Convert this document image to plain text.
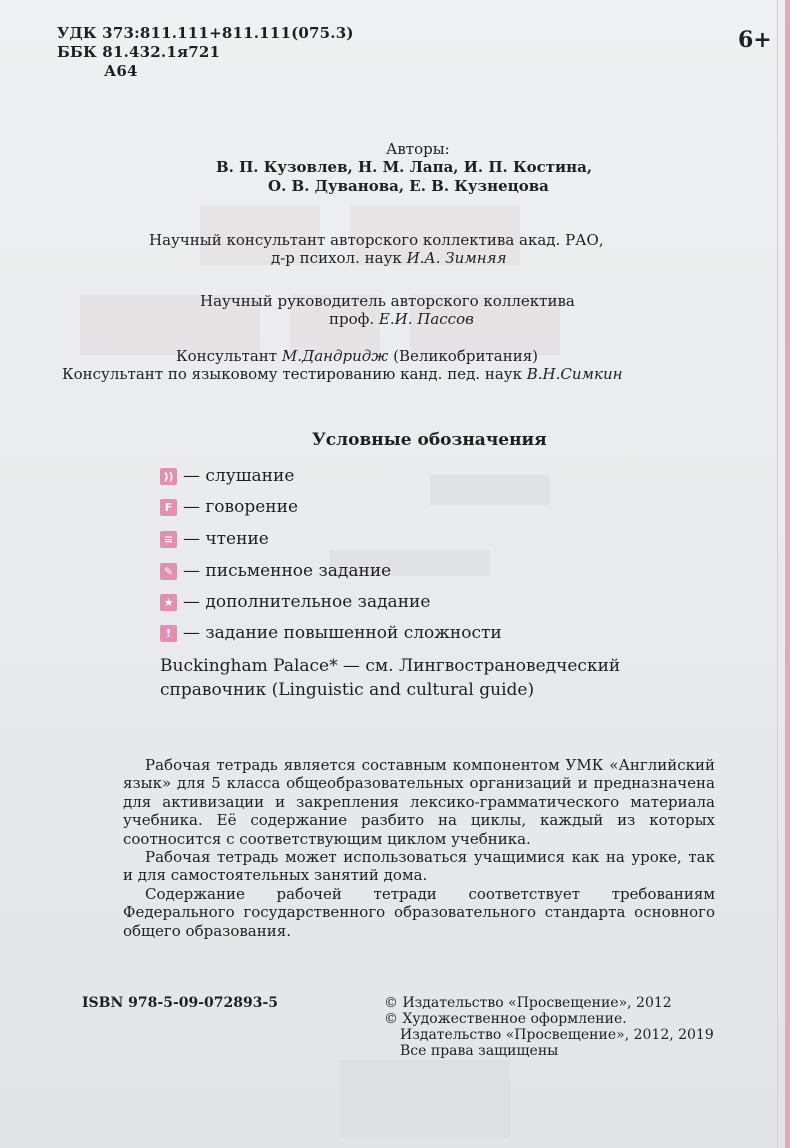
УДК 373:811.111+811.111(075.3)
ББК 81.432.1я721
А64
6+
Авторы:
В. П. Кузовлев, Н. М. Лапа, И. П. Костина,
О. В. Дуванова, Е. В. Кузнецова
Научный консультант авторского коллектива акад. РАО,
д-р психол. наук И.А. Зимняя
Научный руководитель авторского коллектива
проф. Е.И. Пассов
Консультант М.Дандридж (Великобритания)
Консультант по языковому тестированию канд. пед. наук В.Н.Симкин
Условные обозначения
)) — слушание
F — говорение
≡ — чтение
✎ — письменное задание
★ — дополнительное задание
! — задание повышенной сложности
Buckingham Palace* — см. Лингвострановедческий
справочник (Linguistic and cultural guide)

Рабочая тетрадь является составным компонентом УМК «Английский язык» для 5 класса общеобразовательных организаций и предназначена для активизации и закрепления лексико-грамматического материала учебника. Её содержание разбито на циклы, каждый из которых соотносится с соответствующим циклом учебника.

Рабочая тетрадь может использоваться учащимися как на уроке, так и для самостоятельных занятий дома.

Содержание рабочей тетради соответствует требованиям Федерального государственного образовательного стандарта основного общего образования.

ISBN 978-5-09-072893-5	© Издательство «Просвещение», 2012
© Художественное оформление.
Издательство «Просвещение», 2012, 2019
Все права защищены
